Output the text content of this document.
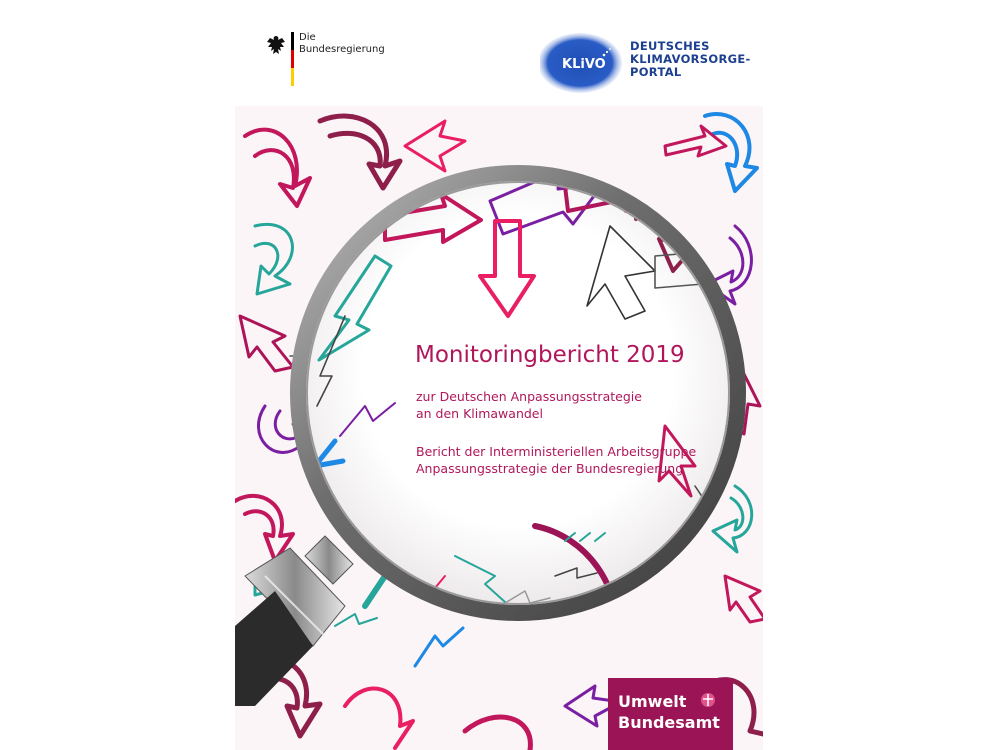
Die
Bundesregierung
KLiVO
DEUTSCHES
KLIMAVORSORGE-
PORTAL
Monitoringbericht 2019

zur Deutschen Anpassungsstrategie
an den Klimawandel

Bericht der Interministeriellen Arbeitsgruppe
Anpassungsstrategie der Bundesregierung

Umwelt
Bundesamt
